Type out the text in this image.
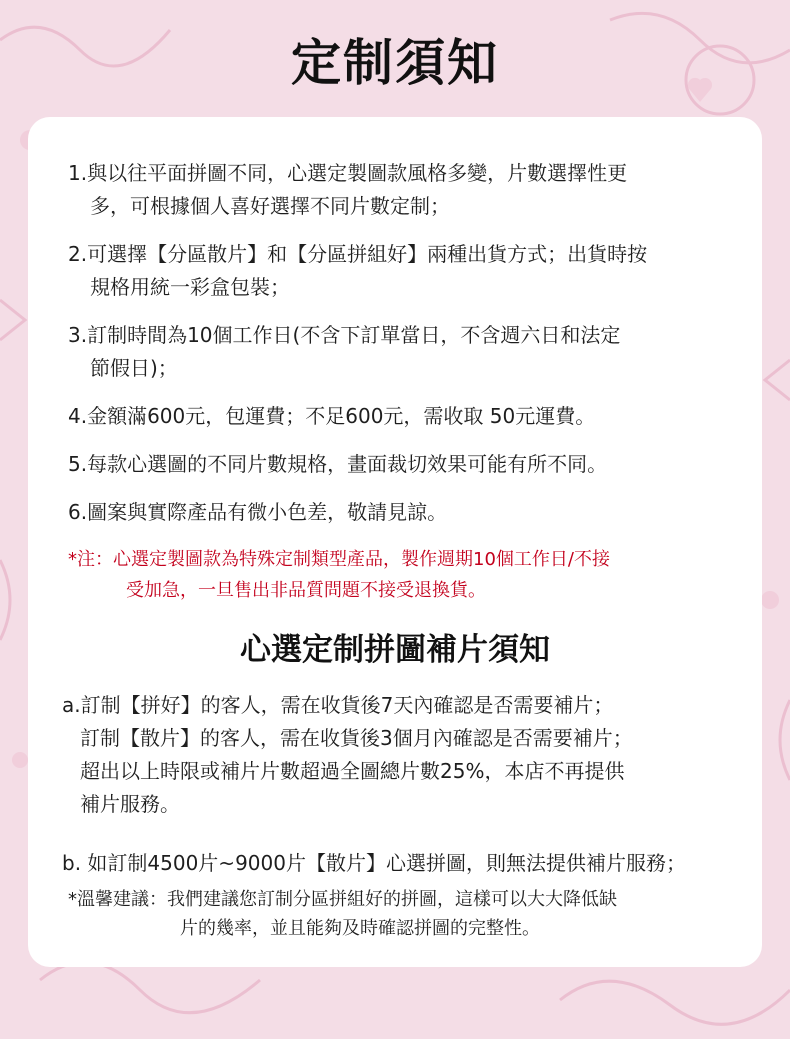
定制須知
1.與以往平面拼圖不同，心選定製圖款風格多變，片數選擇性更
多，可根據個人喜好選擇不同片數定制；
2.可選擇【分區散片】和【分區拼組好】兩種出貨方式；出貨時按
規格用統一彩盒包裝；
3.訂制時間為10個工作日(不含下訂單當日，不含週六日和法定
節假日)；
4.金額滿600元，包運費；不足600元，需收取 50元運費。
5.每款心選圖的不同片數規格，畫面裁切效果可能有所不同。
6.圖案與實際產品有微小色差，敬請見諒。
*注：心選定製圖款為特殊定制類型產品，製作週期10個工作日/不接
受加急，一旦售出非品質問題不接受退換貨。
心選定制拼圖補片須知
a.訂制【拼好】的客人，需在收貨後7天內確認是否需要補片；
訂制【散片】的客人，需在收貨後3個月內確認是否需要補片；
超出以上時限或補片片數超過全圖總片數25%，本店不再提供
補片服務。
b. 如訂制4500片~9000片【散片】心選拼圖，則無法提供補片服務；
*溫馨建議：我們建議您訂制分區拼組好的拼圖，這樣可以大大降低缺
片的幾率，並且能夠及時確認拼圖的完整性。
